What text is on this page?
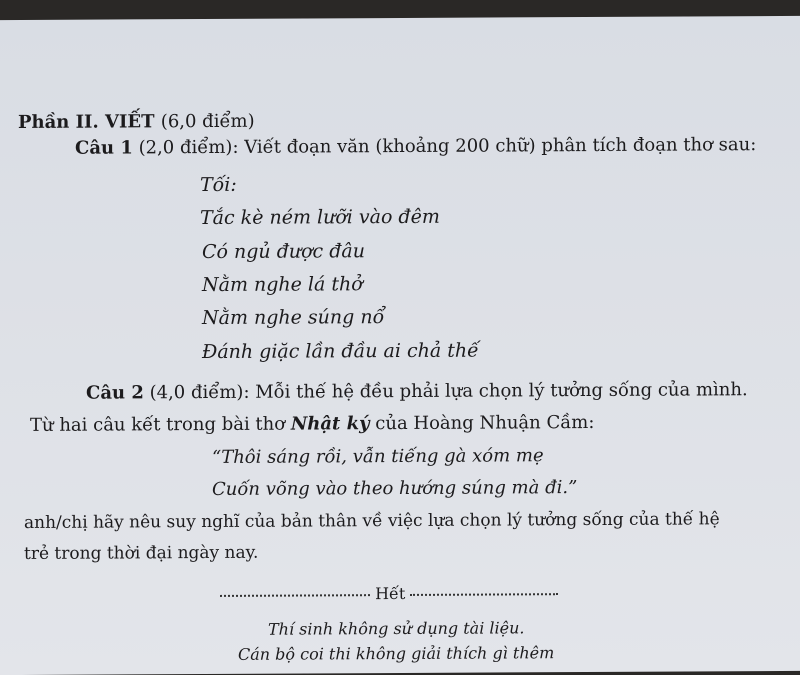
Phần II. VIẾT (6,0 điểm)
Câu 1 (2,0 điểm): Viết đoạn văn (khoảng 200 chữ) phân tích đoạn thơ sau:
Tối:
Tắc kè ném lưỡi vào đêm
Có ngủ được đâu
Nằm nghe lá thở
Nằm nghe súng nổ
Đánh giặc lần đầu ai chả thế
Câu 2 (4,0 điểm): Mỗi thế hệ đều phải lựa chọn lý tưởng sống của mình.
Từ hai câu kết trong bài thơ Nhật ký của Hoàng Nhuận Cầm:
“Thôi sáng rồi, vẫn tiếng gà xóm mẹ
Cuốn võng vào theo hướng súng mà đi.”
anh/chị hãy nêu suy nghĩ của bản thân về việc lựa chọn lý tưởng sống của thế hệ
trẻ trong thời đại ngày nay.
Hết
Thí sinh không sử dụng tài liệu.
Cán bộ coi thi không giải thích gì thêm
